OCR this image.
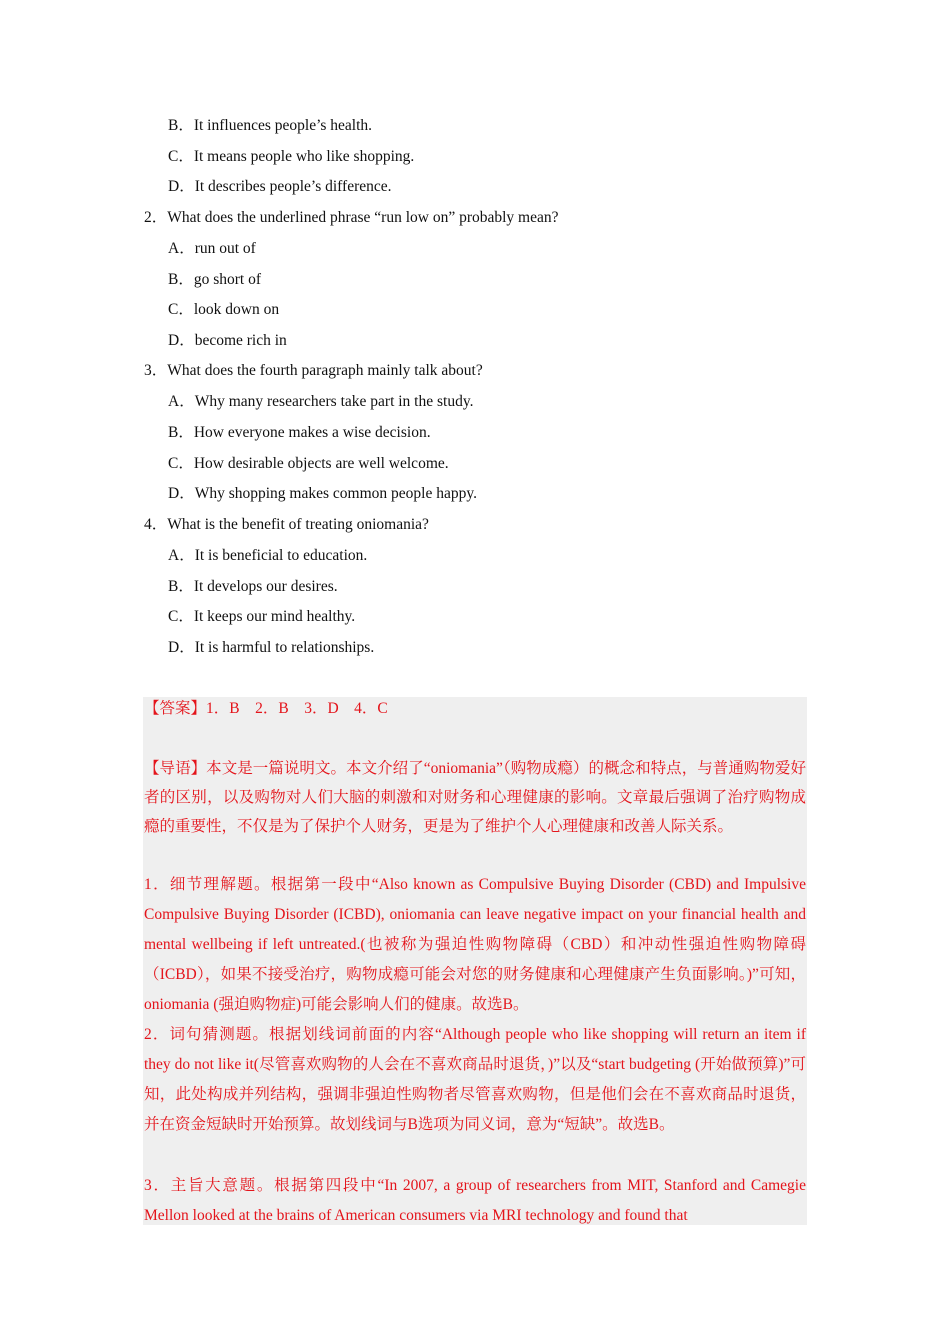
B．It influences people’s health.
C．It means people who like shopping.
D．It describes people’s difference.
2．What does the underlined phrase “run low on” probably mean?
A．run out of
B．go short of
C．look down on
D．become rich in
3．What does the fourth paragraph mainly talk about?
A．Why many researchers take part in the study.
B．How everyone makes a wise decision.
C．How desirable objects are well welcome.
D．Why shopping makes common people happy.
4．What is the benefit of treating oniomania?
A．It is beneficial to education.
B．It develops our desires.
C．It keeps our mind healthy.
D．It is harmful to relationships.
【答案】1．B　2．B　3．D　4．C
【导语】本文是一篇说明文。本文介绍了“oniomania”（购物成瘾）的概念和特点，与普通购物爱好者的区别，以及购物对人们大脑的刺激和对财务和心理健康的影响。文章最后强调了治疗购物成瘾的重要性，不仅是为了保护个人财务，更是为了维护个人心理健康和改善人际关系。
1．细节理解题。根据第一段中“Also known as Compulsive Buying Disorder (CBD) and Impulsive Compulsive Buying Disorder (ICBD), oniomania can leave negative impact on your financial health and mental wellbeing if left untreated.(也被称为强迫性购物障碍（CBD）和冲动性强迫性购物障碍（ICBD），如果不接受治疗，购物成瘾可能会对您的财务健康和心理健康产生负面影响。)”可知，oniomania (强迫购物症)可能会影响人们的健康。故选B。
2．词句猜测题。根据划线词前面的内容“Although people who like shopping will return an item if they do not like it(尽管喜欢购物的人会在不喜欢商品时退货，)”以及“start budgeting (开始做预算)”可知，此处构成并列结构，强调非强迫性购物者尽管喜欢购物，但是他们会在不喜欢商品时退货，并在资金短缺时开始预算。故划线词与B选项为同义词，意为“短缺”。故选B。
3．主旨大意题。根据第四段中“In 2007, a group of researchers from MIT, Stanford and Camegie Mellon looked at the brains of American consumers via MRI technology and found that
